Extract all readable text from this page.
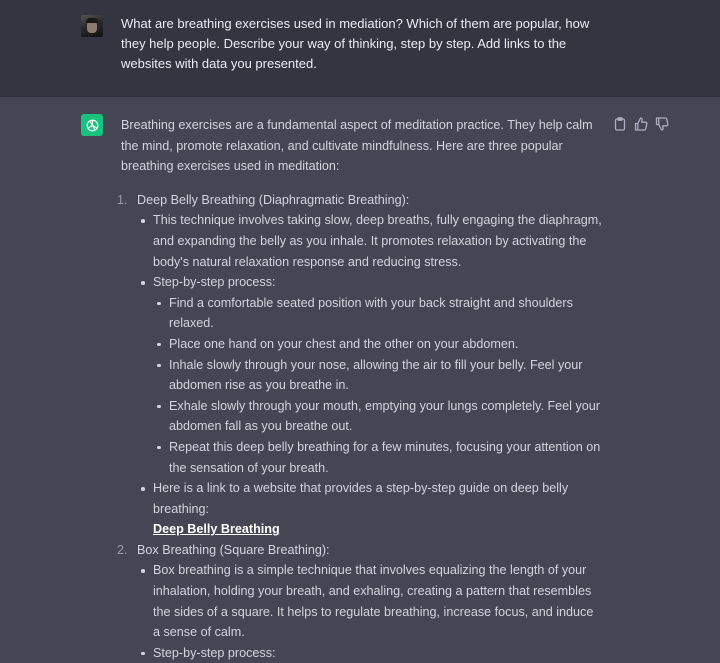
What are breathing exercises used in mediation? Which of them are popular, how they help people. Describe your way of thinking, step by step. Add links to the websites with data you presented.

Breathing exercises are a fundamental aspect of meditation practice. They help calm the mind, promote relaxation, and cultivate mindfulness. Here are three popular breathing exercises used in meditation:

1. Deep Belly Breathing (Diaphragmatic Breathing):
This technique involves taking slow, deep breaths, fully engaging the diaphragm, and expanding the belly as you inhale. It promotes relaxation by activating the body's natural relaxation response and reducing stress.
Step-by-step process:
Find a comfortable seated position with your back straight and shoulders relaxed.
Place one hand on your chest and the other on your abdomen.
Inhale slowly through your nose, allowing the air to fill your belly. Feel your abdomen rise as you breathe in.
Exhale slowly through your mouth, emptying your lungs completely. Feel your abdomen fall as you breathe out.
Repeat this deep belly breathing for a few minutes, focusing your attention on the sensation of your breath.
Here is a link to a website that provides a step-by-step guide on deep belly breathing:
Deep Belly Breathing
2. Box Breathing (Square Breathing):
Box breathing is a simple technique that involves equalizing the length of your inhalation, holding your breath, and exhaling, creating a pattern that resembles the sides of a square. It helps to regulate breathing, increase focus, and induce a sense of calm.
Step-by-step process:
